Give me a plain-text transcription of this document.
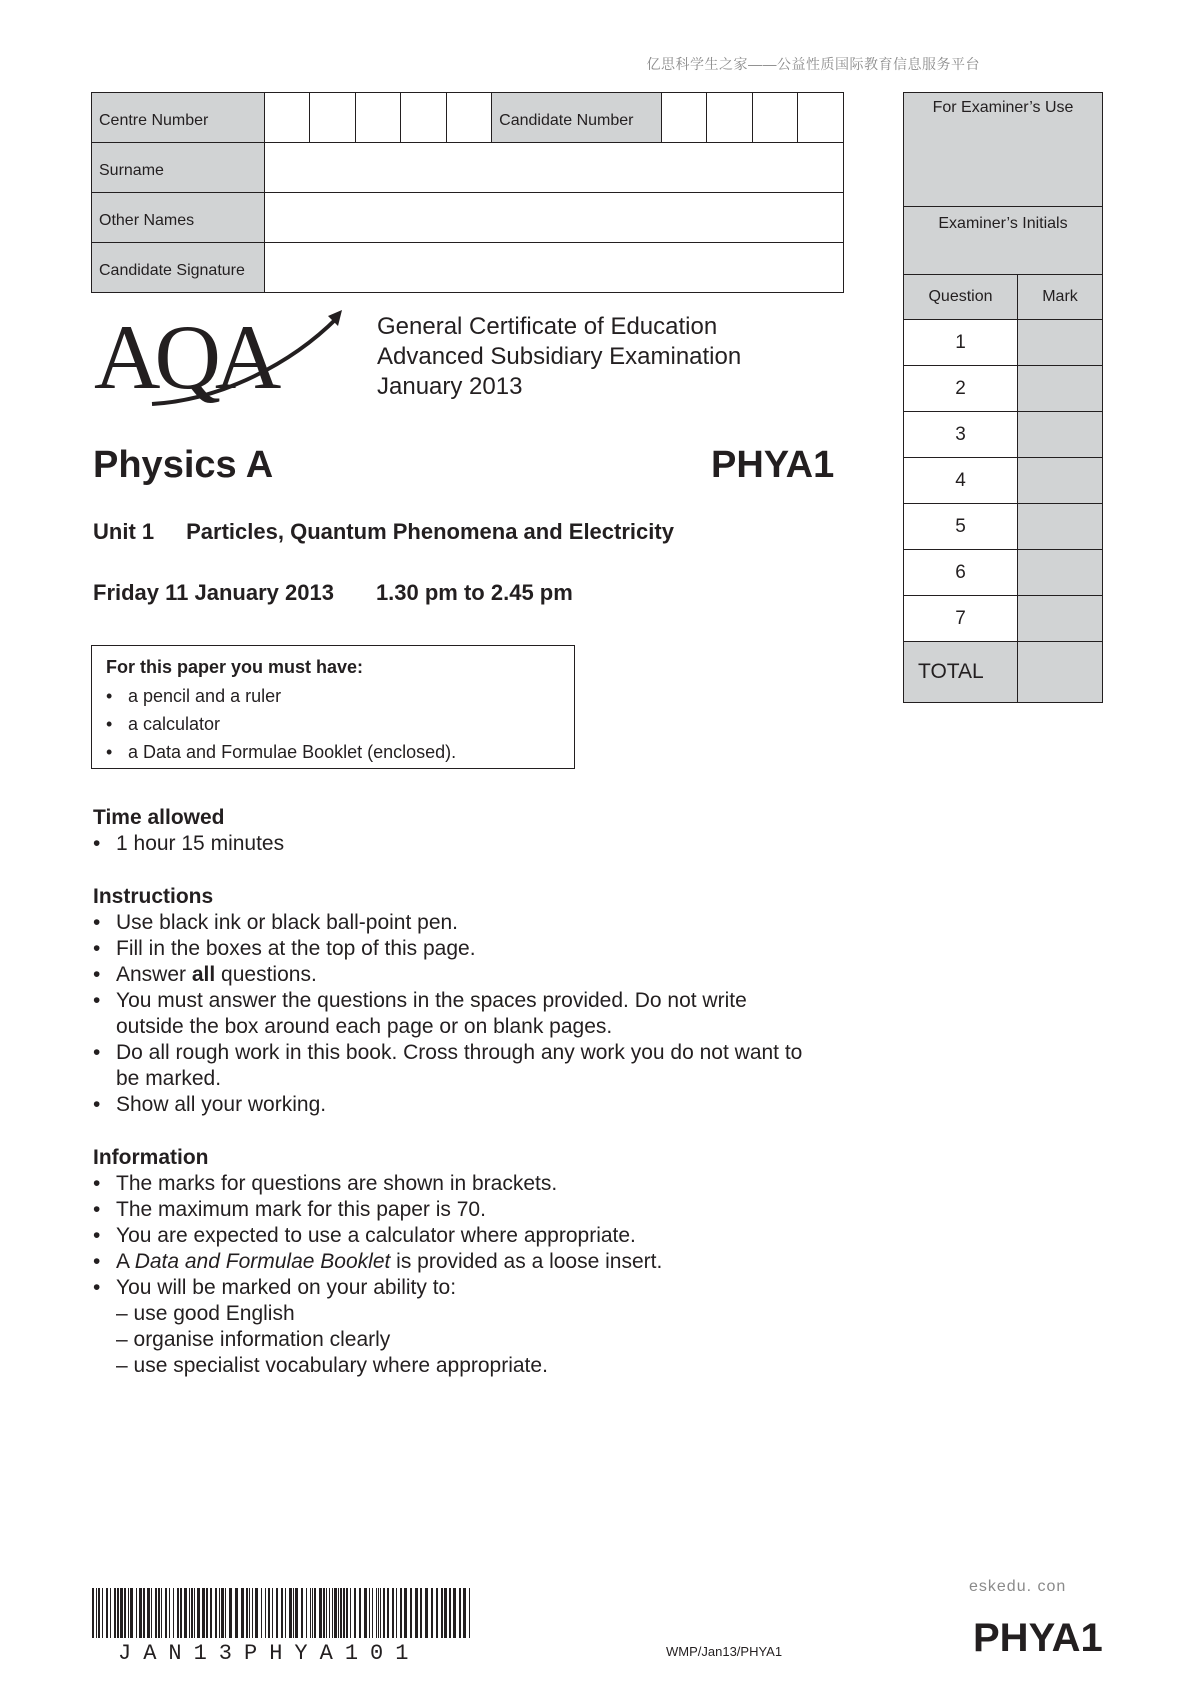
亿思科学生之家——公益性质国际教育信息服务平台
Centre Number						Candidate Number				
Surname										
Other Names										
Candidate Signature										
For Examiner’s Use
Examiner’s Initials
Question	Mark
1	
2	
3	
4	
5	
6	
7	
TOTAL	
AQA	General Certificate of Education
Advanced Subsidiary Examination
January 2013
Physics A	PHYA1
Unit 1 Particles, Quantum Phenomena and Electricity
Friday 11 January 2013 1.30 pm to 2.45 pm
For this paper you must have:
• a pencil and a ruler
• a calculator
• a Data and Formulae Booklet (enclosed).
Time allowed
• 1 hour 15 minutes
Instructions
• Use black ink or black ball-point pen.
• Fill in the boxes at the top of this page.
• Answer all questions.
• You must answer the questions in the spaces provided. Do not write outside the box around each page or on blank pages.
• Do all rough work in this book. Cross through any work you do not want to be marked.
• Show all your working.
Information
• The marks for questions are shown in brackets.
• The maximum mark for this paper is 70.
• You are expected to use a calculator where appropriate.
• A Data and Formulae Booklet is provided as a loose insert.
• You will be marked on your ability to:
– use good English
– organise information clearly
– use specialist vocabulary where appropriate.
JAN13PHYA101	WMP/Jan13/PHYA1
eskedu. con
PHYA1
